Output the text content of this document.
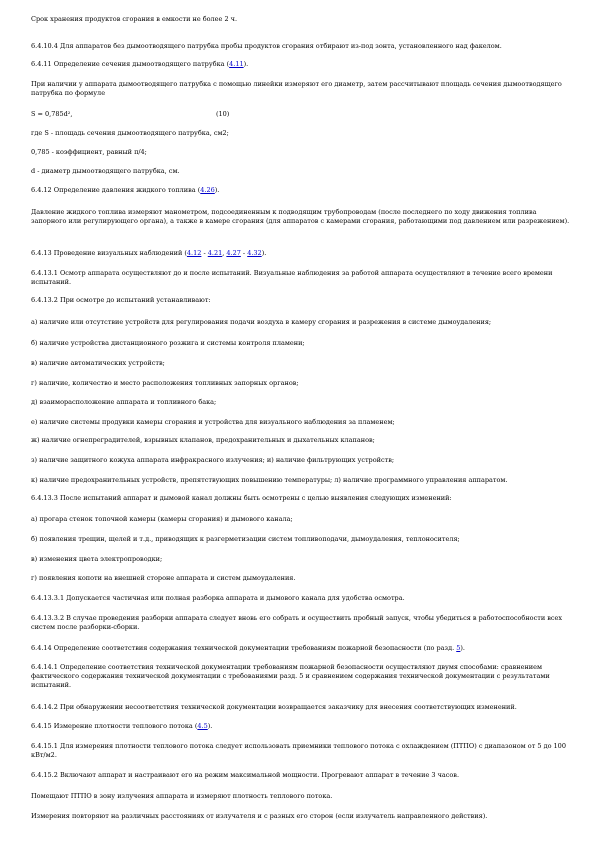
Срок хранения продуктов сгорания в емкости не более 2 ч.

6.4.10.4 Для аппаратов без дымоотводящего патрубка пробы продуктов сгорания отбирают из-под зонта, установленного над факелом.

6.4.11 Определение сечения дымоотводящего патрубка (4.11).

При наличии у аппарата дымоотводящего патрубка с помощью линейки измеряют его диаметр, затем рассчитывают площадь сечения дымоотводящего патрубка по формуле

S = 0,785d²,	(10)

где S - площадь сечения дымоотводящего патрубка, см2;

0,785 - коэффициент, равный π/4;

d - диаметр дымоотводящего патрубка, см.

6.4.12 Определение давления жидкого топлива (4.26).

Давление жидкого топлива измеряют манометром, подсоединенным к подводящим трубопроводам (после последнего по ходу движения топлива запорного или регулирующего органа), а также в камере сгорания (для аппаратов с камерами сгорания, работающими под давлением или разрежением).

6.4.13 Проведение визуальных наблюдений (4.12 - 4.21, 4.27 - 4.32).

6.4.13.1 Осмотр аппарата осуществляют до и после испытаний. Визуальные наблюдения за работой аппарата осуществляют в течение всего времени испытаний.

6.4.13.2 При осмотре до испытаний устанавливают:

а) наличие или отсутствие устройств для регулирования подачи воздуха в камеру сгорания и разрежения в системе дымоудаления;

б) наличие устройства дистанционного розжига и системы контроля пламени;

в) наличие автоматических устройств;

г) наличие, количество и место расположения топливных запорных органов;

д) взаиморасположение аппарата и топливного бака;

е) наличие системы продувки камеры сгорания и устройства для визуального наблюдения за пламенем;

ж) наличие огнепреградителей, взрывных клапанов, предохранительных и дыхательных клапанов;

з) наличие защитного кожуха аппарата инфракрасного излучения; и) наличие фильтрующих устройств;

к) наличие предохранительных устройств, препятствующих повышению температуры; л) наличие программного управления аппаратом.

6.4.13.3 После испытаний аппарат и дымовой канал должны быть осмотрены с целью выявления следующих изменений:

а) прогара стенок топочной камеры (камеры сгорания) и дымового канала;

б) появления трещин, щелей и т.д., приводящих к разгерметизации систем топливоподачи, дымоудаления, теплоносителя;

в) изменения цвета электропроводки;

г) появления копоти на внешней стороне аппарата и систем дымоудаления.

6.4.13.3.1 Допускается частичная или полная разборка аппарата и дымового канала для удобства осмотра.

6.4.13.3.2 В случае проведения разборки аппарата следует вновь его собрать и осуществить пробный запуск, чтобы убедиться в работоспособности всех систем после разборки-сборки.

6.4.14 Определение соответствия содержания технической документации требованиям пожарной безопасности (по разд. 5).

6.4.14.1 Определение соответствия технической документации требованиям пожарной безопасности осуществляют двумя способами: сравнением фактического содержания технической документации с требованиями разд. 5 и сравнением содержания технической документации с результатами испытаний.

6.4.14.2 При обнаружении несоответствия технической документации возвращается заказчику для внесения соответствующих изменений.

6.4.15 Измерение плотности теплового потока (4.5).

6.4.15.1 Для измерения плотности теплового потока следует использовать приемники теплового потока с охлаждением (ПТПО) с диапазоном от 5 до 100 кВт/м2.

6.4.15.2 Включают аппарат и настраивают его на режим максимальной мощности. Прогревают аппарат в течение 3 часов.

Помещают ПТПО в зону излучения аппарата и измеряют плотность теплового потока.

Измерения повторяют на различных расстояниях от излучателя и с разных его сторон (если излучатель направленного действия).
